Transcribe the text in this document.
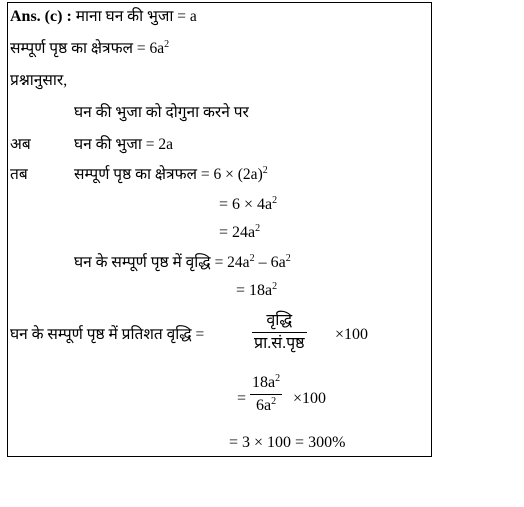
Ans. (c) : माना घन की भुजा = a
सम्पूर्ण पृष्ठ का क्षेत्रफल = $6a^2$
प्रश्नानुसार,
घन की भुजा को दोगुना करने पर
अब	घन की भुजा = 2a
तब	सम्पूर्ण पृष्ठ का क्षेत्रफल = $6 \times (2a)^2$
= $6 \times 4a^2$
= $24a^2$
घन के सम्पूर्ण पृष्ठ में वृद्धि = $24a^2 - 6a^2$
= $18a^2$
घन के सम्पूर्ण पृष्ठ में प्रतिशत वृद्धि =
वृद्धि
प्रा.सं.पृष्ठ
×100
=
$18a^2$
$6a^2$	×100
= 3 × 100 = 300%
